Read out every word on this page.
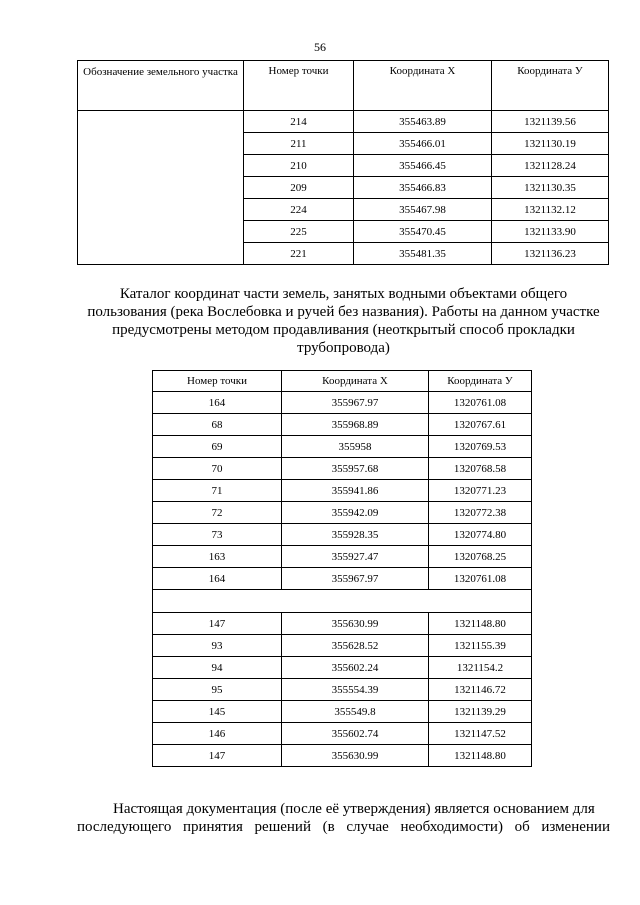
56
Обозначение земельного участка	Номер точки	Координата Х	Координата У
	214	355463.89	1321139.56
	211	355466.01	1321130.19
	210	355466.45	1321128.24
	209	355466.83	1321130.35
	224	355467.98	1321132.12
	225	355470.45	1321133.90
	221	355481.35	1321136.23
Каталог координат части земель, занятых водными объектами общего
пользования (река Вослебовка и ручей без названия). Работы на данном участке
предусмотрены методом продавливания (неоткрытый способ прокладки
трубопровода)
Номер точки	Координата Х	Координата У
164	355967.97	1320761.08
68	355968.89	1320767.61
69	355958	1320769.53
70	355957.68	1320768.58
71	355941.86	1320771.23
72	355942.09	1320772.38
73	355928.35	1320774.80
163	355927.47	1320768.25
164	355967.97	1320761.08

147	355630.99	1321148.80
93	355628.52	1321155.39
94	355602.24	1321154.2
95	355554.39	1321146.72
145	355549.8	1321139.29
146	355602.74	1321147.52
147	355630.99	1321148.80
Настоящая документация (после её утверждения) является основанием для
последующего принятия решений (в случае необходимости) об изменении
